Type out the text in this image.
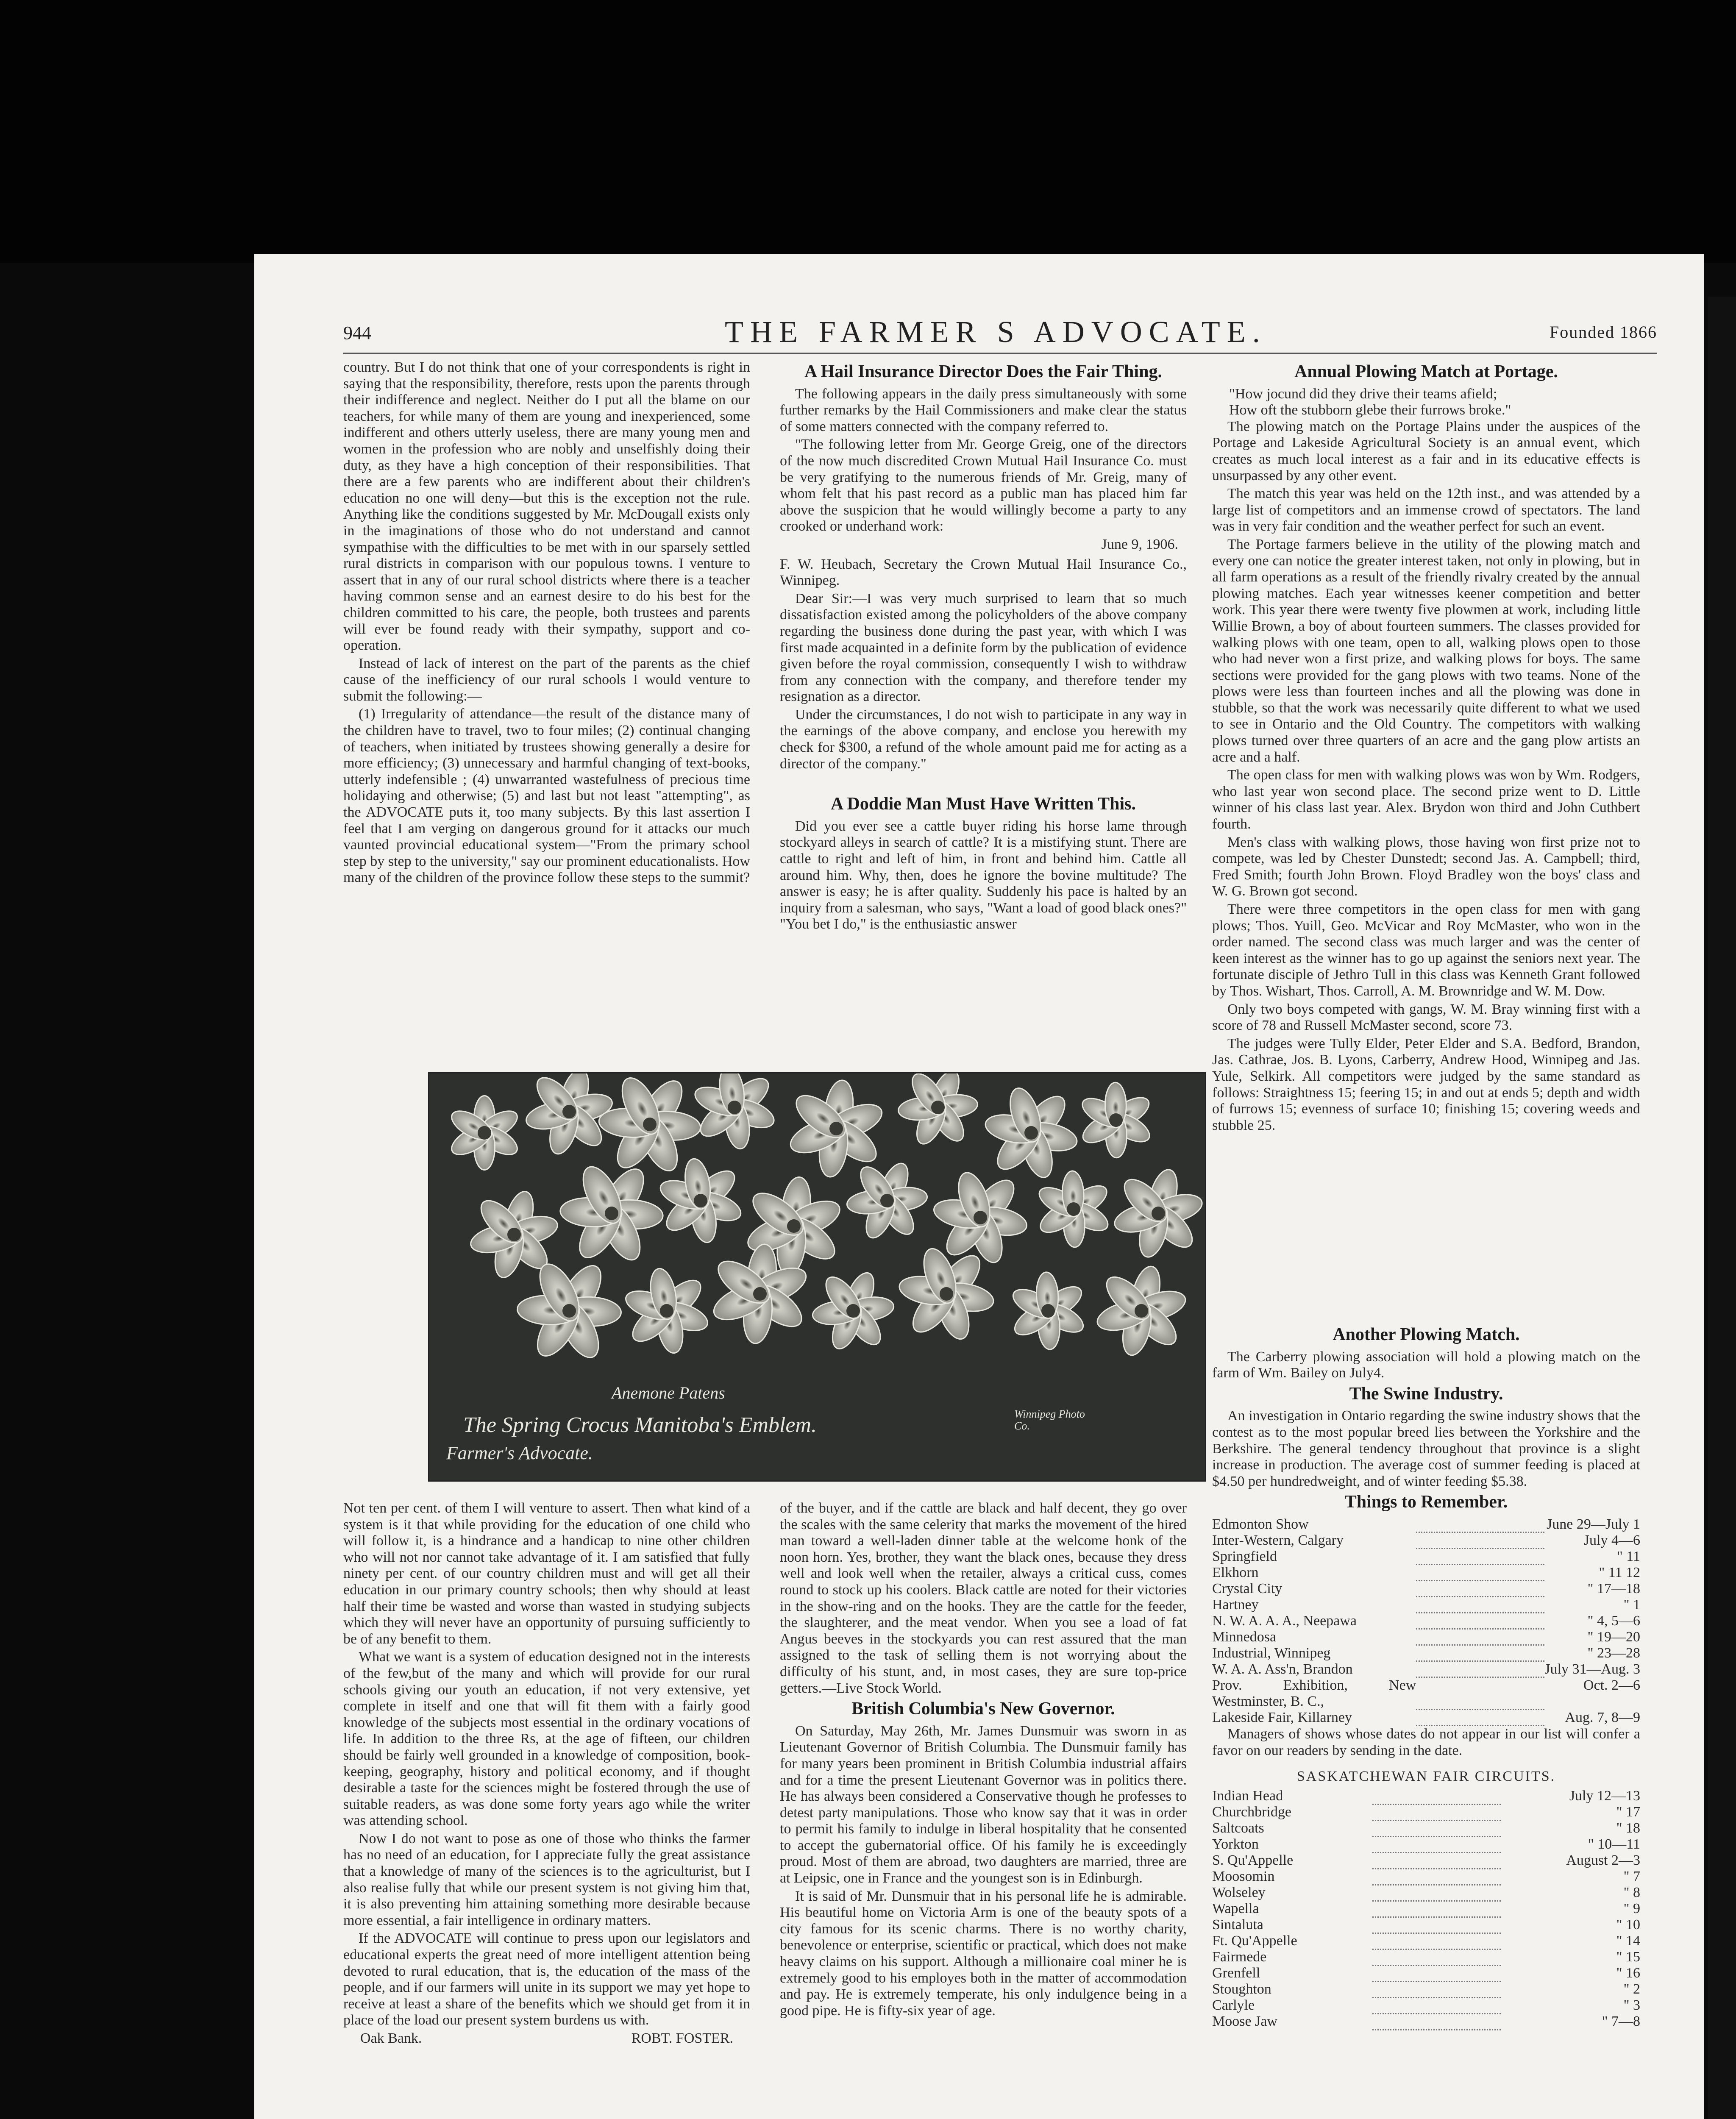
944	THE FARMER S ADVOCATE.	Founded 1866

country. But I do not think that one of your correspondents is right in saying that the responsibility, therefore, rests upon the parents through their indifference and neglect. Neither do I put all the blame on our teachers, for while many of them are young and inexperienced, some indifferent and others utterly useless, there are many young men and women in the profession who are nobly and unselfishly doing their duty, as they have a high conception of their responsibilities. That there are a few parents who are indifferent about their children's education no one will deny—but this is the exception not the rule. Anything like the conditions suggested by Mr. McDougall exists only in the imaginations of those who do not understand and cannot sympathise with the difficulties to be met with in our sparsely settled rural districts in comparison with our populous towns. I venture to assert that in any of our rural school districts where there is a teacher having common sense and an earnest desire to do his best for the children committed to his care, the people, both trustees and parents will ever be found ready with their sympathy, support and co-operation.

Instead of lack of interest on the part of the parents as the chief cause of the inefficiency of our rural schools I would venture to submit the following:—

(1) Irregularity of attendance—the result of the distance many of the children have to travel, two to four miles; (2) continual changing of teachers, when initiated by trustees showing generally a desire for more efficiency; (3) unnecessary and harmful changing of text-books, utterly indefensible ; (4) unwarranted wastefulness of precious time holidaying and otherwise; (5) and last but not least "attempting", as the ADVOCATE puts it, too many subjects. By this last assertion I feel that I am verging on dangerous ground for it attacks our much vaunted provincial educational system—"From the primary school step by step to the university," say our prominent educationalists. How many of the children of the province follow these steps to the summit?

A Hail Insurance Director Does the Fair Thing.

The following appears in the daily press simultaneously with some further remarks by the Hail Commissioners and make clear the status of some matters connected with the company referred to.

"The following letter from Mr. George Greig, one of the directors of the now much discredited Crown Mutual Hail Insurance Co. must be very gratifying to the numerous friends of Mr. Greig, many of whom felt that his past record as a public man has placed him far above the suspicion that he would willingly become a party to any crooked or underhand work:

June 9, 1906.

F. W. Heubach, Secretary the Crown Mutual Hail Insurance Co., Winnipeg.

Dear Sir:—I was very much surprised to learn that so much dissatisfaction existed among the policyholders of the above company regarding the business done during the past year, with which I was first made acquainted in a definite form by the publication of evidence given before the royal commission, consequently I wish to withdraw from any connection with the company, and therefore tender my resignation as a director.

Under the circumstances, I do not wish to participate in any way in the earnings of the above company, and enclose you herewith my check for $300, a refund of the whole amount paid me for acting as a director of the company."

A Doddie Man Must Have Written This.

Did you ever see a cattle buyer riding his horse lame through stockyard alleys in search of cattle? It is a mistifying stunt. There are cattle to right and left of him, in front and behind him. Cattle all around him. Why, then, does he ignore the bovine multitude? The answer is easy; he is after quality. Suddenly his pace is halted by an inquiry from a salesman, who says, "Want a load of good black ones?" "You bet I do," is the enthusiastic answer

Annual Plowing Match at Portage.
"How jocund did they drive their teams afield;
How oft the stubborn glebe their furrows broke."

The plowing match on the Portage Plains under the auspices of the Portage and Lakeside Agricultural Society is an annual event, which creates as much local interest as a fair and in its educative effects is unsurpassed by any other event.

The match this year was held on the 12th inst., and was attended by a large list of competitors and an immense crowd of spectators. The land was in very fair condition and the weather perfect for such an event.

The Portage farmers believe in the utility of the plowing match and every one can notice the greater interest taken, not only in plowing, but in all farm operations as a result of the friendly rivalry created by the annual plowing matches. Each year witnesses keener competition and better work. This year there were twenty five plowmen at work, including little Willie Brown, a boy of about fourteen summers. The classes provided for walking plows with one team, open to all, walking plows open to those who had never won a first prize, and walking plows for boys. The same sections were provided for the gang plows with two teams. None of the plows were less than fourteen inches and all the plowing was done in stubble, so that the work was necessarily quite different to what we used to see in Ontario and the Old Country. The competitors with walking plows turned over three quarters of an acre and the gang plow artists an acre and a half.

The open class for men with walking plows was won by Wm. Rodgers, who last year won second place. The second prize went to D. Little winner of his class last year. Alex. Brydon won third and John Cuthbert fourth.

Men's class with walking plows, those having won first prize not to compete, was led by Chester Dunstedt; second Jas. A. Campbell; third, Fred Smith; fourth John Brown. Floyd Bradley won the boys' class and W. G. Brown got second.

There were three competitors in the open class for men with gang plows; Thos. Yuill, Geo. McVicar and Roy McMaster, who won in the order named. The second class was much larger and was the center of keen interest as the winner has to go up against the seniors next year. The fortunate disciple of Jethro Tull in this class was Kenneth Grant followed by Thos. Wishart, Thos. Carroll, A. M. Brownridge and W. M. Dow.

Only two boys competed with gangs, W. M. Bray winning first with a score of 78 and Russell McMaster second, score 73.

The judges were Tully Elder, Peter Elder and S.A. Bedford, Brandon, Jas. Cathrae, Jos. B. Lyons, Carberry, Andrew Hood, Winnipeg and Jas. Yule, Selkirk. All competitors were judged by the same standard as follows: Straightness 15; feering 15; in and out at ends 5; depth and width of furrows 15; evenness of surface 10; finishing 15; covering weeds and stubble 25.

Anemone Patens
The Spring Crocus Manitoba's Emblem.
Farmer's Advocate.
Winnipeg Photo Co.

Not ten per cent. of them I will venture to assert. Then what kind of a system is it that while providing for the education of one child who will follow it, is a hindrance and a handicap to nine other children who will not nor cannot take advantage of it. I am satisfied that fully ninety per cent. of our country children must and will get all their education in our primary country schools; then why should at least half their time be wasted and worse than wasted in studying subjects which they will never have an opportunity of pursuing sufficiently to be of any benefit to them.

What we want is a system of education designed not in the interests of the few,but of the many and which will provide for our rural schools giving our youth an education, if not very extensive, yet complete in itself and one that will fit them with a fairly good knowledge of the subjects most essential in the ordinary vocations of life. In addition to the three Rs, at the age of fifteen, our children should be fairly well grounded in a knowledge of composition, book-keeping, geography, history and political economy, and if thought desirable a taste for the sciences might be fostered through the use of suitable readers, as was done some forty years ago while the writer was attending school.

Now I do not want to pose as one of those who thinks the farmer has no need of an education, for I appreciate fully the great assistance that a knowledge of many of the sciences is to the agriculturist, but I also realise fully that while our present system is not giving him that, it is also preventing him attaining something more desirable because more essential, a fair intelligence in ordinary matters.

If the ADVOCATE will continue to press upon our legislators and educational experts the great need of more intelligent attention being devoted to rural education, that is, the education of the mass of the people, and if our farmers will unite in its support we may yet hope to receive at least a share of the benefits which we should get from it in place of the load our present system burdens us with.

Oak Bank.	ROBT. FOSTER.

of the buyer, and if the cattle are black and half decent, they go over the scales with the same celerity that marks the movement of the hired man toward a well-laden dinner table at the welcome honk of the noon horn. Yes, brother, they want the black ones, because they dress well and look well when the retailer, always a critical cuss, comes round to stock up his coolers. Black cattle are noted for their victories in the show-ring and on the hooks. They are the cattle for the feeder, the slaughterer, and the meat vendor. When you see a load of fat Angus beeves in the stockyards you can rest assured that the man assigned to the task of selling them is not worrying about the difficulty of his stunt, and, in most cases, they are sure top-price getters.—Live Stock World.

British Columbia's New Governor.

On Saturday, May 26th, Mr. James Dunsmuir was sworn in as Lieutenant Governor of British Columbia. The Dunsmuir family has for many years been prominent in British Columbia industrial affairs and for a time the present Lieutenant Governor was in politics there. He has always been considered a Conservative though he professes to detest party manipulations. Those who know say that it was in order to permit his family to indulge in liberal hospitality that he consented to accept the gubernatorial office. Of his family he is exceedingly proud. Most of them are abroad, two daughters are married, three are at Leipsic, one in France and the youngest son is in Edinburgh.

It is said of Mr. Dunsmuir that in his personal life he is admirable. His beautiful home on Victoria Arm is one of the beauty spots of a city famous for its scenic charms. There is no worthy charity, benevolence or enterprise, scientific or practical, which does not make heavy claims on his support. Although a millionaire coal miner he is extremely good to his employes both in the matter of accommodation and pay. He is extremely temperate, his only indulgence being in a good pipe. He is fifty-six year of age.

Another Plowing Match.

The Carberry plowing association will hold a plowing match on the farm of Wm. Bailey on July4.

The Swine Industry.

An investigation in Ontario regarding the swine industry shows that the contest as to the most popular breed lies between the Yorkshire and the Berkshire. The general tendency throughout that province is a slight increase in production. The average cost of summer feeding is placed at $4.50 per hundredweight, and of winter feeding $5.38.

Things to Remember.
Edmonton Show		June 29—July 1
Inter-Western, Calgary		July 4—6
Springfield		" 11
Elkhorn		" 11 12
Crystal City		" 17—18
Hartney		" 1
N. W. A. A. A., Neepawa		" 4, 5—6
Minnedosa		" 19—20
Industrial, Winnipeg		" 23—28
W. A. A. Ass'n, Brandon		July 31—Aug. 3
Prov. Exhibition, New Westminster, B. C.,		Oct. 2—6
Lakeside Fair, Killarney		Aug. 7, 8—9

Managers of shows whose dates do not appear in our list will confer a favor on our readers by sending in the date.

SASKATCHEWAN FAIR CIRCUITS.
Indian Head		July 12—13
Churchbridge		" 17
Saltcoats		" 18
Yorkton		" 10—11
S. Qu'Appelle		August 2—3
Moosomin		" 7
Wolseley		" 8
Wapella		" 9
Sintaluta		" 10
Ft. Qu'Appelle		" 14
Fairmede		" 15
Grenfell		" 16
Stoughton		" 2
Carlyle		" 3
Moose Jaw		" 7—8
